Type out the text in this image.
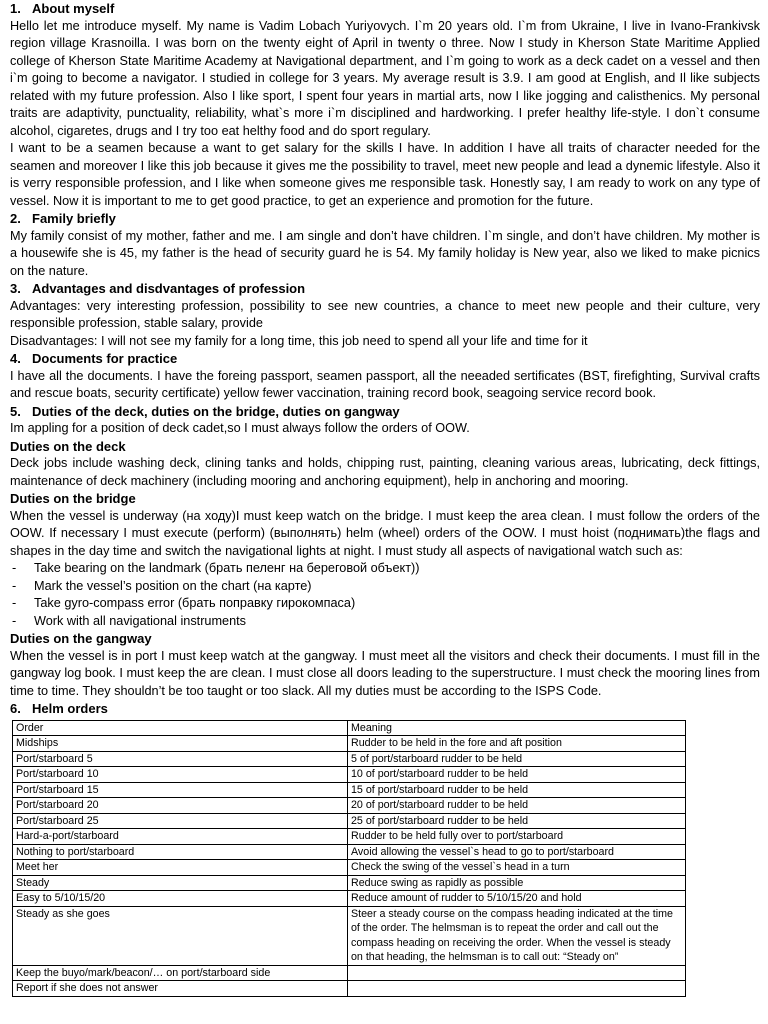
1. About myself

Hello let me introduce myself. My name is Vadim Lobach Yuriyovych. I`m 20 years old. I`m from Ukraine, I live in Ivano-Frankivsk region village Krasnoilla. I was born on the twenty eight of April in twenty o three. Now I study in Kherson State Maritime Applied college of Kherson State Maritime Academy at Navigational department, and I`m going to work as a deck cadet on a vessel and then i`m going to become a navigator. I studied in college for 3 years. My average result is 3.9. I am good at English, and Il like subjects related with my future profession. Also I like sport, I spent four years in martial arts, now I like jogging and calisthenics. My personal traits are adaptivity, punctuality, reliability, what`s more i`m disciplined and hardworking. I prefer healthy life-style. I don`t consume alcohol, cigaretes, drugs and I try too eat helthy food and do sport regulary.

I want to be a seamen because a want to get salary for the skills I have. In addition I have all traits of character needed for the seamen and moreover I like this job because it gives me the possibility to travel, meet new people and lead a dynemic lifestyle. Also it is verry responsible profession, and I like when someone gives me responsible task. Honestly say, I am ready to work on any type of vessel. Now it is important to me to get good practice, to get an experience and promotion for the future.

2. Family briefly

My family consist of my mother, father and me. I am single and don’t have children. I`m single, and don’t have children. My mother is a housewife she is 45, my father is the head of security guard he is 54. My family holiday is New year, also we liked to make picnics on the nature.

3. Advantages and disdvantages of profession

Advantages: very interesting profession, possibility to see new countries, a chance to meet new people and their culture, very responsible profession, stable salary, provide

Disadvantages: I will not see my family for a long time, this job need to spend all your life and time for it

4. Documents for practice

I have all the documents. I have the foreing passport, seamen passport, all the neeaded sertificates (BST, firefighting, Survival crafts and rescue boats, security certificate) yellow fewer vaccination, training record book, seagoing service record book.

5. Duties of the deck, duties on the bridge, duties on gangway

Im appling for a position of deck cadet,so I must always follow the orders of OOW.

Duties on the deck

Deck jobs include washing deck, clining tanks and holds, chipping rust, painting, cleaning various areas, lubricating, deck fittings, maintenance of deck machinery (including mooring and anchoring equipment), help in anchoring and mooring.

Duties on the bridge

When the vessel is underway (на ходу)I must keep watch on the bridge. I must keep the area clean. I must follow the orders of the OOW. If necessary I must execute (perform) (выполнять) helm (wheel) orders of the OOW. I must hoist (поднимать)the flags and shapes in the day time and switch the navigational lights at night. I must study all aspects of navigational watch such as:

- Take bearing on the landmark (брать пеленг на береговой объект))
- Mark the vessel’s position on the chart (на карте)
- Take gyro-compass error (брать поправку гирокомпаса)
- Work with all navigational instruments
Duties on the gangway

When the vessel is in port I must keep watch at the gangway. I must meet all the visitors and check their documents. I must fill in the gangway log book. I must keep the are clean. I must close all doors leading to the superstructure. I must check the mooring lines from time to time. They shouldn’t be too taught or too slack. All my duties must be according to the ISPS Code.

6. Helm orders
Order	Meaning
Midships	Rudder to be held in the fore and aft position
Port/starboard 5	5 of port/starboard rudder to be held
Port/starboard 10	10 of port/starboard rudder to be held
Port/starboard 15	15 of port/starboard rudder to be held
Port/starboard 20	20 of port/starboard rudder to be held
Port/starboard 25	25 of port/starboard rudder to be held
Hard-a-port/starboard	Rudder to be held fully over to port/starboard
Nothing to port/starboard	Avoid allowing the vessel`s head to go to port/starboard
Meet her	Check the swing of the vessel`s head in a turn
Steady	Reduce swing as rapidly as possible
Easy to 5/10/15/20	Reduce amount of rudder to 5/10/15/20 and hold
Steady as she goes	Steer a steady course on the compass heading indicated at the time of the order. The helmsman is to repeat the order and call out the compass heading on receiving the order. When the vessel is steady on that heading, the helmsman is to call out: “Steady on”
Keep the buyo/mark/beacon/… on port/starboard side	
Report if she does not answer	
